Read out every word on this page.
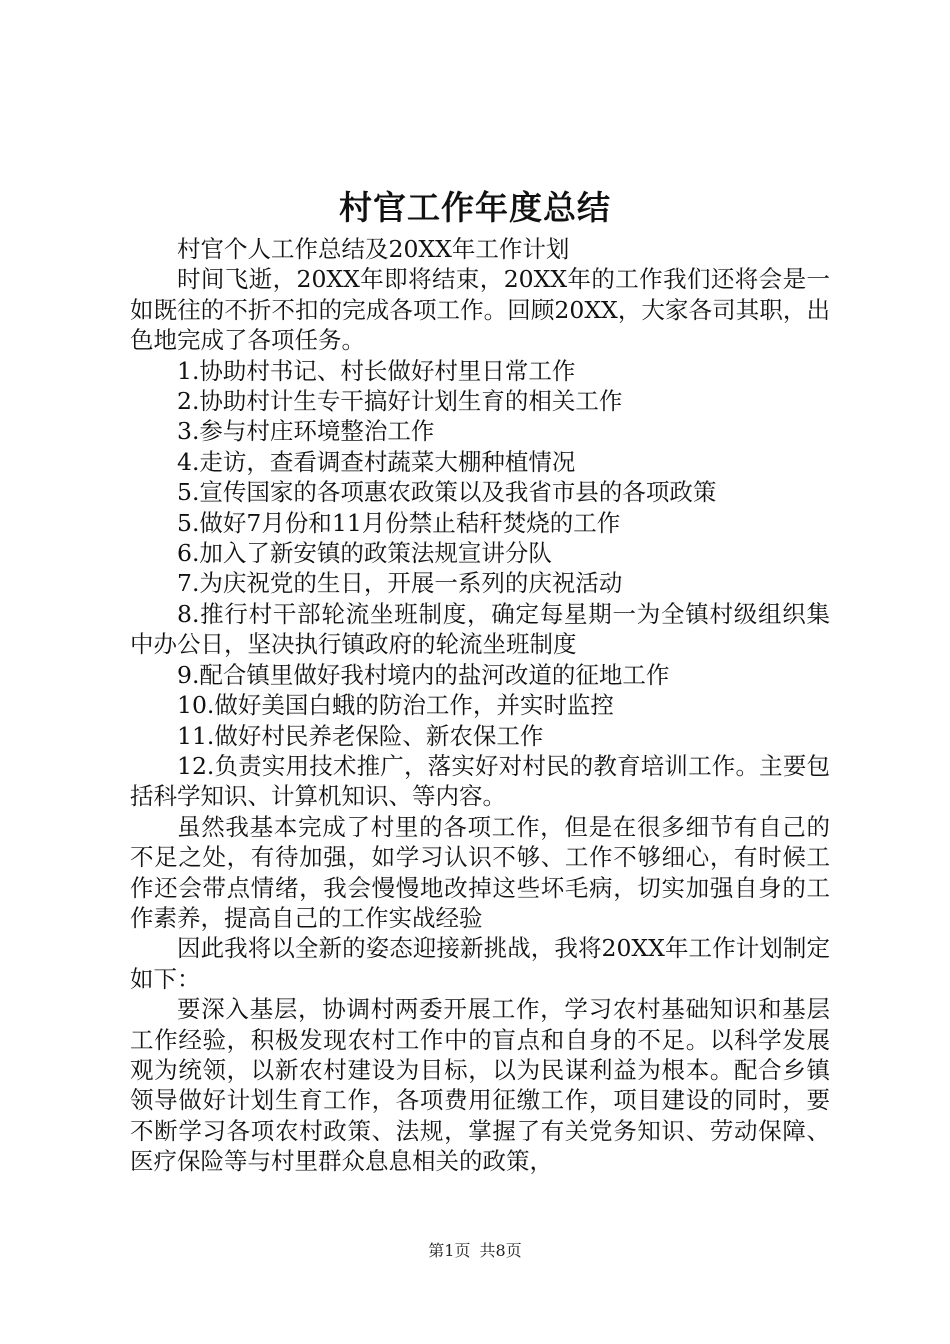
村官工作年度总结

村官个人工作总结及20XX年工作计划

时间飞逝，20XX年即将结束，20XX年的工作我们还将会是一如既往的不折不扣的完成各项工作。回顾20XX，大家各司其职，出色地完成了各项任务。

1.协助村书记、村长做好村里日常工作

2.协助村计生专干搞好计划生育的相关工作

3.参与村庄环境整治工作

4.走访，查看调查村蔬菜大棚种植情况

5.宣传国家的各项惠农政策以及我省市县的各项政策

5.做好7月份和11月份禁止秸秆焚烧的工作

6.加入了新安镇的政策法规宣讲分队

7.为庆祝党的生日，开展一系列的庆祝活动

8.推行村干部轮流坐班制度，确定每星期一为全镇村级组织集中办公日，坚决执行镇政府的轮流坐班制度

9.配合镇里做好我村境内的盐河改道的征地工作

10.做好美国白蛾的防治工作，并实时监控

11.做好村民养老保险、新农保工作

12.负责实用技术推广，落实好对村民的教育培训工作。主要包括科学知识、计算机知识、等内容。

虽然我基本完成了村里的各项工作，但是在很多细节有自己的不足之处，有待加强，如学习认识不够、工作不够细心，有时候工作还会带点情绪，我会慢慢地改掉这些坏毛病，切实加强自身的工作素养，提高自己的工作实战经验

因此我将以全新的姿态迎接新挑战，我将20XX年工作计划制定如下：

要深入基层，协调村两委开展工作，学习农村基础知识和基层工作经验，积极发现农村工作中的盲点和自身的不足。以科学发展观为统领，以新农村建设为目标，以为民谋利益为根本。配合乡镇领导做好计划生育工作，各项费用征缴工作，项目建设的同时，要不断学习各项农村政策、法规，掌握了有关党务知识、劳动保障、医疗保险等与村里群众息息相关的政策，

第1页 共8页
